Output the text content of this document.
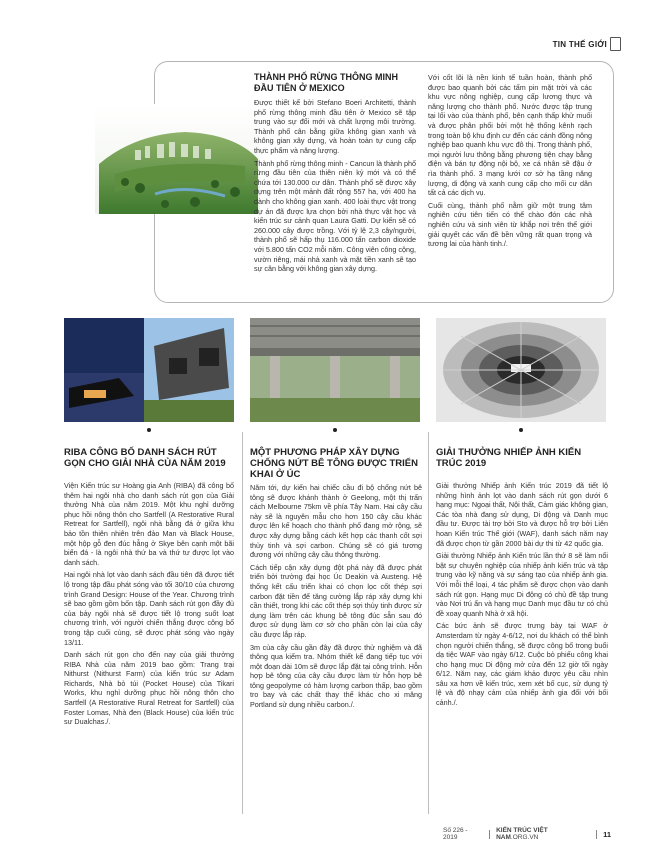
TIN THẾ GIỚI
THÀNH PHỐ RỪNG THÔNG MINH ĐẦU TIÊN Ở MEXICO

Được thiết kế bởi Stefano Boeri Architetti, thành phố rừng thông minh đầu tiên ở Mexico sẽ tập trung vào sự đổi mới và chất lượng môi trường. Thành phố cân bằng giữa không gian xanh và không gian xây dựng, và hoàn toàn tự cung cấp thực phẩm và năng lượng.

Thành phố rừng thông minh - Cancun là thành phố rừng đầu tiên của thiên niên kỷ mới và có thể chứa tới 130.000 cư dân. Thành phố sẽ được xây dựng trên một mảnh đất rộng 557 ha, với 400 ha dành cho không gian xanh. 400 loài thực vật trong dự án đã được lựa chọn bởi nhà thực vật học và kiến trúc sư cảnh quan Laura Gatti. Dự kiến sẽ có 260.000 cây được trồng. Với tỷ lệ 2,3 cây/người, thành phố sẽ hấp thụ 116.000 tấn carbon dioxide với 5.800 tấn CO2 mỗi năm. Công viên công cộng, vườn riêng, mái nhà xanh và mặt tiền xanh sẽ tạo sự cân bằng với không gian xây dựng.

Với cốt lõi là nền kinh tế tuần hoàn, thành phố được bao quanh bởi các tấm pin mặt trời và các khu vực nông nghiệp, cung cấp lương thực và năng lượng cho thành phố. Nước được tập trung tại lối vào của thành phố, bên cạnh thấp khử muối và được phân phối bởi một hệ thống kênh rạch trong toàn bộ khu định cư đến các cánh đồng nông nghiệp bao quanh khu vực đô thị. Trong thành phố, mọi người lưu thông bằng phương tiện chạy bằng điện và bán tự động nội bộ, xe cá nhân sẽ đậu ở rìa thành phố. 3 mạng lưới cơ sở hạ tầng năng lượng, di động và xanh cung cấp cho mối cư dân tất cả các dịch vụ.

Cuối cùng, thành phố nằm giữ một trung tâm nghiên cứu tiên tiến có thể chào đón các nhà nghiên cứu và sinh viên từ khắp nơi trên thế giới giải quyết các vấn đề bền vững rất quan trọng và tương lai của hành tinh./.

RIBA CÔNG BỐ DANH SÁCH RÚT GỌN CHO GIẢI NHÀ CỦA NĂM 2019

Viện Kiến trúc sư Hoàng gia Anh (RIBA) đã công bố thêm hai ngôi nhà cho danh sách rút gọn của Giải thưởng Nhà của năm 2019. Một khu nghỉ dưỡng phục hồi nông thôn cho Sartfell (A Restorative Rural Retreat for Sartfell), ngôi nhà bằng đá ở giữa khu bảo tồn thiên nhiên trên đảo Man và Black House, một hộp gỗ đen đúc hẫng ở Skye bên cạnh một bãi biển đá - là ngôi nhà thứ ba và thứ tư được lọt vào danh sách.

Hai ngôi nhà lọt vào danh sách đầu tiên đã được tiết lộ trong tập đầu phát sóng vào tối 30/10 của chương trình Grand Design: House of the Year. Chương trình sẽ bao gồm gồm bốn tập. Danh sách rút gọn đầy đủ của bảy ngôi nhà sẽ được tiết lộ trong suốt loạt chương trình, với người chiến thắng được công bố trong tập cuối cùng, sẽ được phát sóng vào ngày 13/11.

Danh sách rút gọn cho đến nay của giải thưởng RIBA Nhà của năm 2019 bao gồm: Trang trại Nithurst (Nithurst Farm) của kiến trúc sư Adam Richards, Nhà bỏ túi (Pocket House) của Tikari Works, khu nghỉ dưỡng phục hồi nông thôn cho Sartfell (A Restorative Rural Retreat for Sartfell) của Foster Lomas, Nhà đen (Black House) của kiến trúc sư Dualchas./.

MỘT PHƯƠNG PHÁP XÂY DỰNG CHỐNG NỨT BÊ TÔNG ĐƯỢC TRIỂN KHAI Ở ÚC

Năm tới, dự kiến hai chiếc cầu đi bộ chống nứt bê tông sẽ được khánh thành ở Geelong, một thị trấn cách Melbourne 75km về phía Tây Nam. Hai cây cầu này sẽ là nguyên mẫu cho hơn 150 cây cầu khác được lên kế hoạch cho thành phố đang mở rộng, sẽ được xây dựng bằng cách kết hợp các thanh cốt sợi thủy tinh và sợi carbon. Chúng sẽ có giá tương đương với những cây cầu thông thường.

Cách tiếp cận xây dựng đột phá này đã được phát triển bởi trường đại học Úc Deakin và Austeng. Hệ thống kết cấu triển khai có chọn lọc cốt thép sợi carbon đặt tiền để tăng cường lắp ráp xây dựng khi cần thiết, trong khi các cốt thép sợi thủy tinh được sử dụng làm trên các khung bê tông đúc sẵn sau đó được sử dụng làm cơ sở cho phần còn lại của cây cầu được lắp ráp.

3m của cây cầu gần đây đã được thử nghiệm và đã thông qua kiểm tra. Nhóm thiết kế đang tiếp tục với một đoạn dài 10m sẽ được lắp đặt tại công trình. Hỗn hợp bê tông của cây cầu được làm từ hỗn hợp bê tông geopolyme có hàm lượng carbon thấp, bao gồm tro bay và các chất thay thế khác cho xi măng Portland sử dụng nhiều carbon./.

GIẢI THƯỞNG NHIẾP ẢNH KIẾN TRÚC 2019

Giải thưởng Nhiếp ảnh Kiến trúc 2019 đã tiết lộ những hình ảnh lọt vào danh sách rút gọn dưới 6 hạng mục: Ngoại thất, Nội thất, Cảm giác không gian, Các tòa nhà đang sử dụng, Di động và Danh mục đầu tư. Được tài trợ bởi Sto và được hỗ trợ bởi Liên hoan Kiến trúc Thế giới (WAF), danh sách năm nay đã được chọn từ gần 2000 bài dự thi từ 42 quốc gia.

Giải thưởng Nhiếp ảnh Kiến trúc lần thứ 8 sẽ làm nổi bật sự chuyên nghiệp của nhiếp ảnh kiến trúc và tập trung vào kỹ năng và sự sáng tạo của nhiếp ảnh gia. Với mỗi thể loại, 4 tác phẩm sẽ được chọn vào danh sách rút gọn. Hạng mục Di động có chủ đề tập trung vào Nơi trú ẩn và hạng mục Danh mục đầu tư có chủ đề xoay quanh Nhà ở xã hội.

Các bức ảnh sẽ được trưng bày tại WAF ở Amsterdam từ ngày 4-6/12, nơi du khách có thể bình chọn người chiến thắng, sẽ được công bố trong buổi dạ tiệc WAF vào ngày 6/12. Cuộc bỏ phiếu công khai cho hạng mục Di động mở cửa đến 12 giờ tối ngày 6/12. Năm nay, các giám khảo được yêu cầu nhìn sâu xa hơn về kiến trúc, xem xét bố cục, sử dụng tỷ lệ và độ nhạy cảm của nhiếp ảnh gia đối với bối cảnh./.

Số 226 - 2019
KIẾN TRÚC VIỆT NAM.ORG.VN	11
